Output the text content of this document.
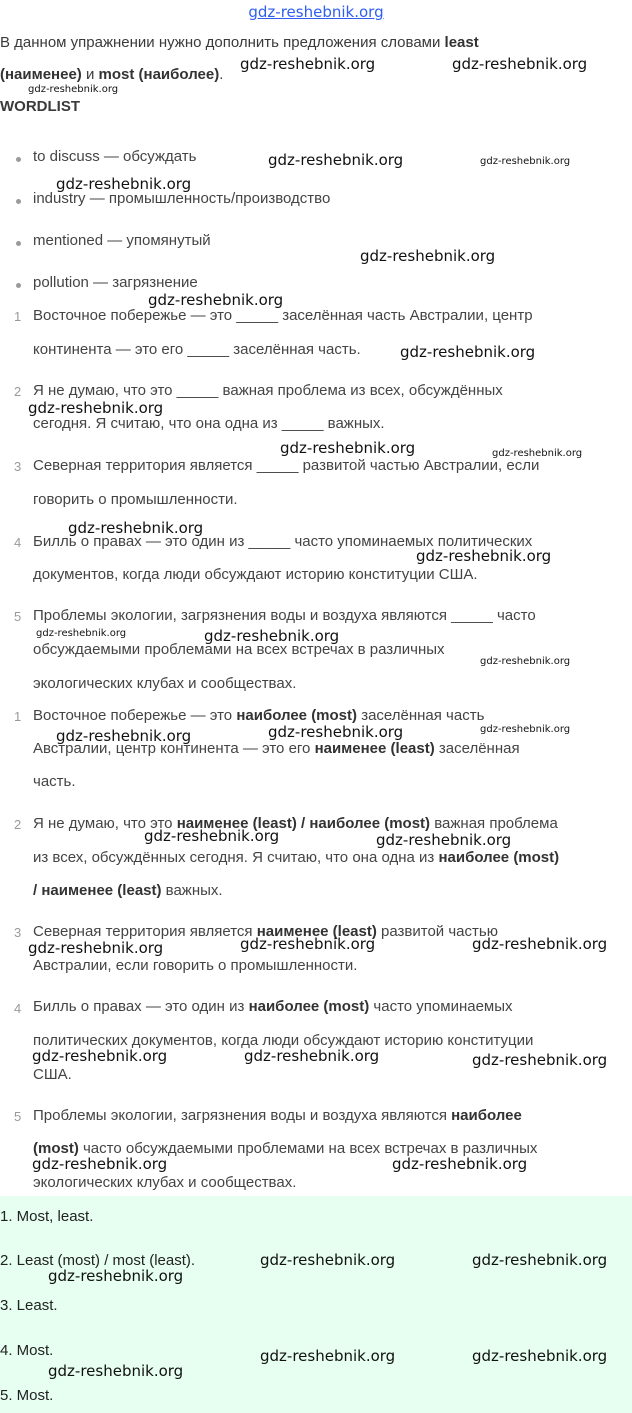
gdz-reshebnik.org
В данном упражнении нужно дополнить предложения словами least
(наименее) и most (наиболее).
WORDLIST
to discuss — обсуждать
industry — промышленность/производство
mentioned — упомянутый
pollution — загрязнение
1 Восточное побережье — это _____ заселённая часть Австралии, центр
континента — это его _____ заселённая часть.
2 Я не думаю, что это _____ важная проблема из всех, обсуждённых
сегодня. Я считаю, что она одна из _____ важных.
3 Северная территория является _____ развитой частью Австралии, если
говорить о промышленности.
4 Билль о правах — это один из _____ часто упоминаемых политических
документов, когда люди обсуждают историю конституции США.
5 Проблемы экологии, загрязнения воды и воздуха являются _____ часто
обсуждаемыми проблемами на всех встречах в различных
экологических клубах и сообществах.
1 Восточное побережье — это наиболее (most) заселённая часть
Австралии, центр континента — это его наименее (least) заселённая
часть.
2 Я не думаю, что это наименее (least) / наиболее (most) важная проблема
из всех, обсуждённых сегодня. Я считаю, что она одна из наиболее (most)
/ наименее (least) важных.
3 Северная территория является наименее (least) развитой частью
Австралии, если говорить о промышленности.
4 Билль о правах — это один из наиболее (most) часто упоминаемых
политических документов, когда люди обсуждают историю конституции
США.
5 Проблемы экологии, загрязнения воды и воздуха являются наиболее
(most) часто обсуждаемыми проблемами на всех встречах в различных
экологических клубах и сообществах.
1. Most, least.
2. Least (most) / most (least).
3. Least.
4. Most.
5. Most.
gdz-reshebnik.org	gdz-reshebnik.org
gdz-reshebnik.org
gdz-reshebnik.org	gdz-reshebnik.org
gdz-reshebnik.org
gdz-reshebnik.org
gdz-reshebnik.org
gdz-reshebnik.org
gdz-reshebnik.org
gdz-reshebnik.org	gdz-reshebnik.org
gdz-reshebnik.org
gdz-reshebnik.org
gdz-reshebnik.org	gdz-reshebnik.org
gdz-reshebnik.org
gdz-reshebnik.org	gdz-reshebnik.org
gdz-reshebnik.org
gdz-reshebnik.org	gdz-reshebnik.org
gdz-reshebnik.org	gdz-reshebnik.org
gdz-reshebnik.org
gdz-reshebnik.org	gdz-reshebnik.org	gdz-reshebnik.org
gdz-reshebnik.org	gdz-reshebnik.org
gdz-reshebnik.org	gdz-reshebnik.org
gdz-reshebnik.org
gdz-reshebnik.org	gdz-reshebnik.org
gdz-reshebnik.org
